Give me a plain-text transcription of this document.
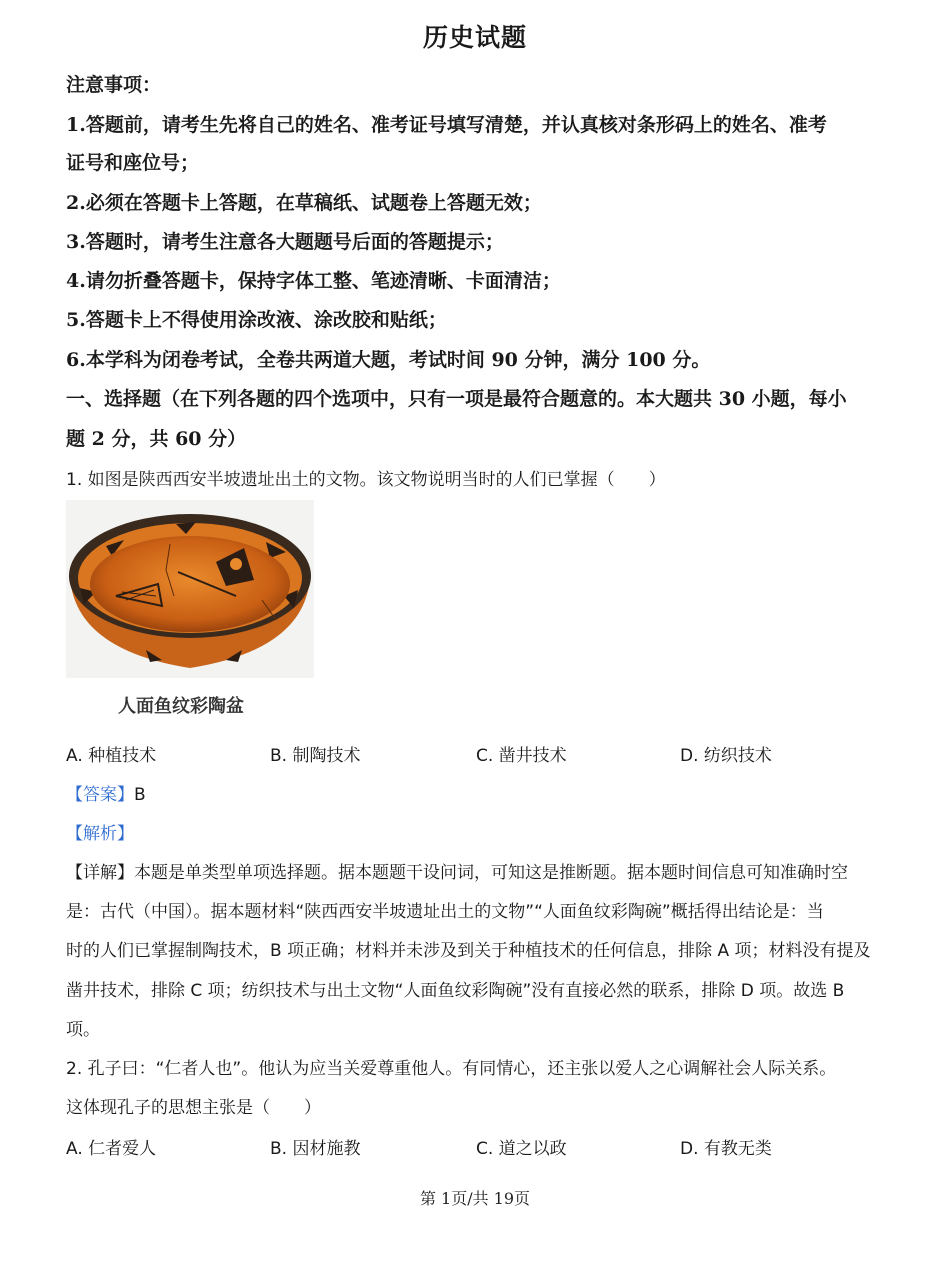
历史试题
注意事项：
1.答题前，请考生先将自己的姓名、准考证号填写清楚，并认真核对条形码上的姓名、准考
证号和座位号；
2.必须在答题卡上答题，在草稿纸、试题卷上答题无效；
3.答题时，请考生注意各大题题号后面的答题提示；
4.请勿折叠答题卡，保持字体工整、笔迹清晰、卡面清洁；
5.答题卡上不得使用涂改液、涂改胶和贴纸；
6.本学科为闭卷考试，全卷共两道大题，考试时间 90 分钟，满分 100 分。
一、选择题（在下列各题的四个选项中，只有一项是最符合题意的。本大题共 30 小题，每小
题 2 分，共 60 分）
1. 如图是陕西西安半坡遗址出土的文物。该文物说明当时的人们已掌握（　　）
人面鱼纹彩陶盆
A. 种植技术	B. 制陶技术	C. 凿井技术	D. 纺织技术
【答案】B
【解析】
【详解】本题是单类型单项选择题。据本题题干设问词，可知这是推断题。据本题时间信息可知准确时空
是：古代（中国）。据本题材料“陕西西安半坡遗址出土的文物”“人面鱼纹彩陶碗”概括得出结论是：当
时的人们已掌握制陶技术，B 项正确；材料并未涉及到关于种植技术的任何信息，排除 A 项；材料没有提及
凿井技术，排除 C 项；纺织技术与出土文物“人面鱼纹彩陶碗”没有直接必然的联系，排除 D 项。故选 B
项。
2. 孔子曰：“仁者人也”。他认为应当关爱尊重他人。有同情心，还主张以爱人之心调解社会人际关系。
这体现孔子的思想主张是（　　）
A. 仁者爱人	B. 因材施教	C. 道之以政	D. 有教无类
第 1页/共 19页
